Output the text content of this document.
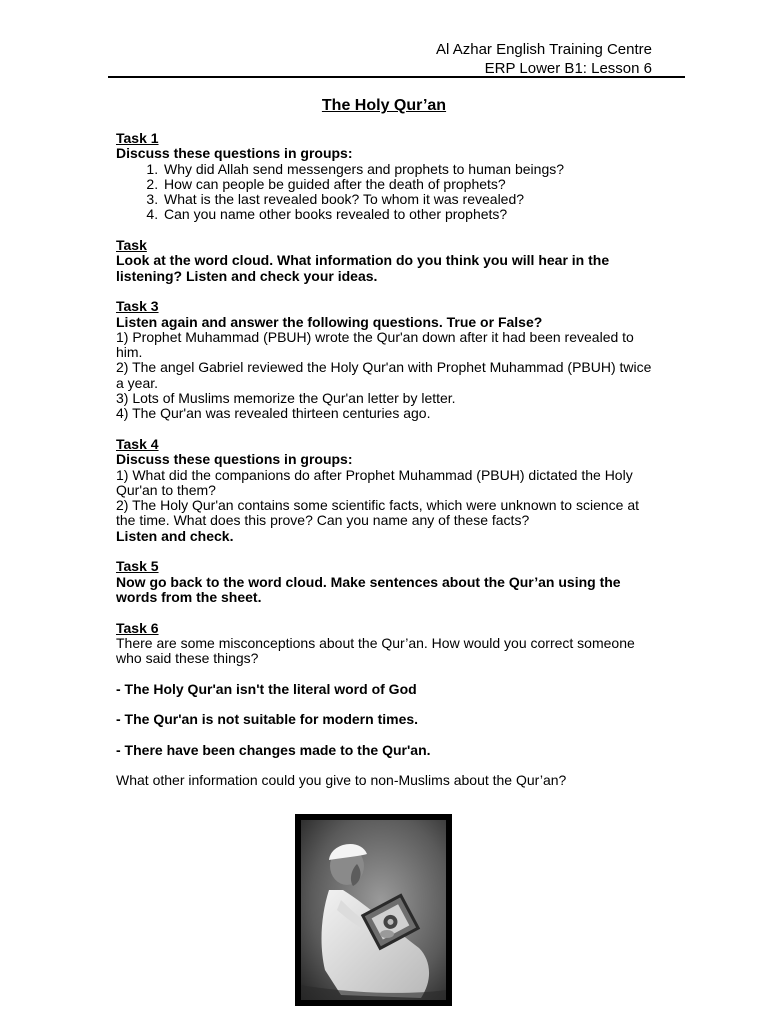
Al Azhar English Training Centre
ERP Lower B1: Lesson 6
The Holy Qur’an

Task 1

Discuss these questions in groups:

1. Why did Allah send messengers and prophets to human beings?
2. How can people be guided after the death of prophets?
3. What is the last revealed book? To whom it was revealed?
4. Can you name other books revealed to other prophets?

Task

Look at the word cloud. What information do you think you will hear in the listening? Listen and check your ideas.

Task 3

Listen again and answer the following questions. True or False?

1) Prophet Muhammad (PBUH) wrote the Qur'an down after it had been revealed to him.

2) The angel Gabriel reviewed the Holy Qur'an with Prophet Muhammad (PBUH) twice a year.

3) Lots of Muslims memorize the Qur'an letter by letter.

4) The Qur'an was revealed thirteen centuries ago.

Task 4

Discuss these questions in groups:

1) What did the companions do after Prophet Muhammad (PBUH) dictated the Holy Qur'an to them?

2) The Holy Qur'an contains some scientific facts, which were unknown to science at the time. What does this prove? Can you name any of these facts?

Listen and check.

Task 5

Now go back to the word cloud. Make sentences about the Qur’an using the words from the sheet.

Task 6

There are some misconceptions about the Qur’an. How would you correct someone who said these things?

- The Holy Qur'an isn't the literal word of God

- The Qur'an is not suitable for modern times.

- There have been changes made to the Qur'an.

What other information could you give to non-Muslims about the Qur’an?
